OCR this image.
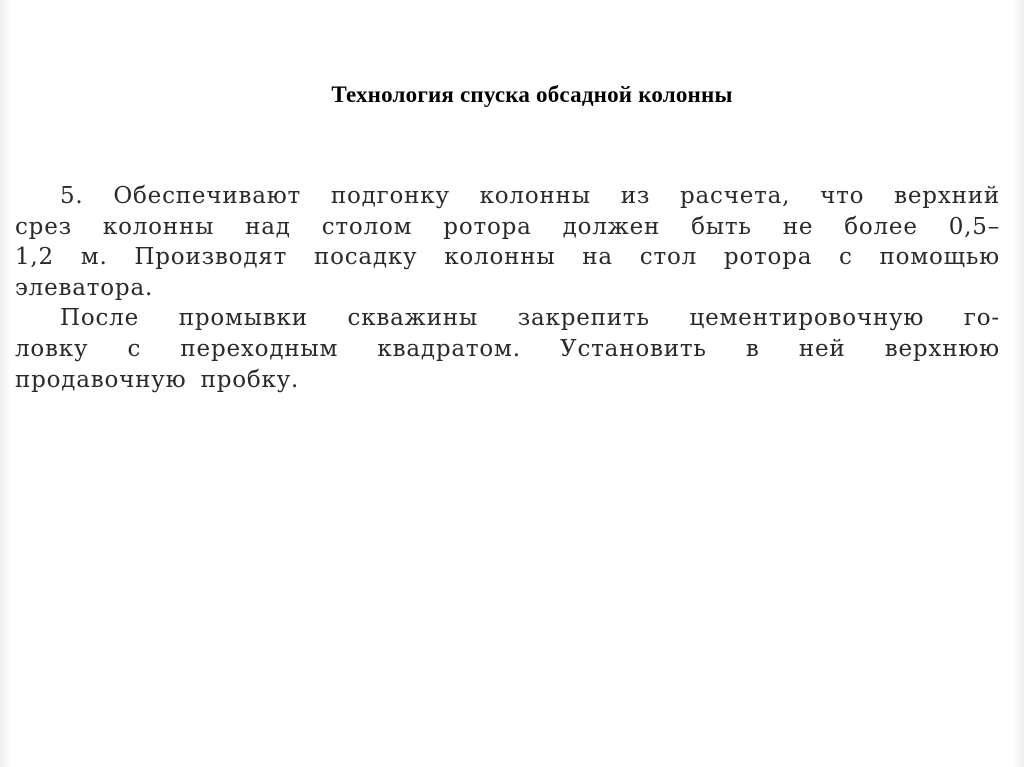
Технология спуска обсадной колонны
5. Обеспечивают подгонку колонны из расчета, что верхний
срез колонны над столом ротора должен быть не более 0,5–
1,2 м. Производят посадку колонны на стол ротора с помощью
элеватора.
После промывки скважины закрепить цементировочную го-
ловку с переходным квадратом. Установить в ней верхнюю
продавочную пробку.
